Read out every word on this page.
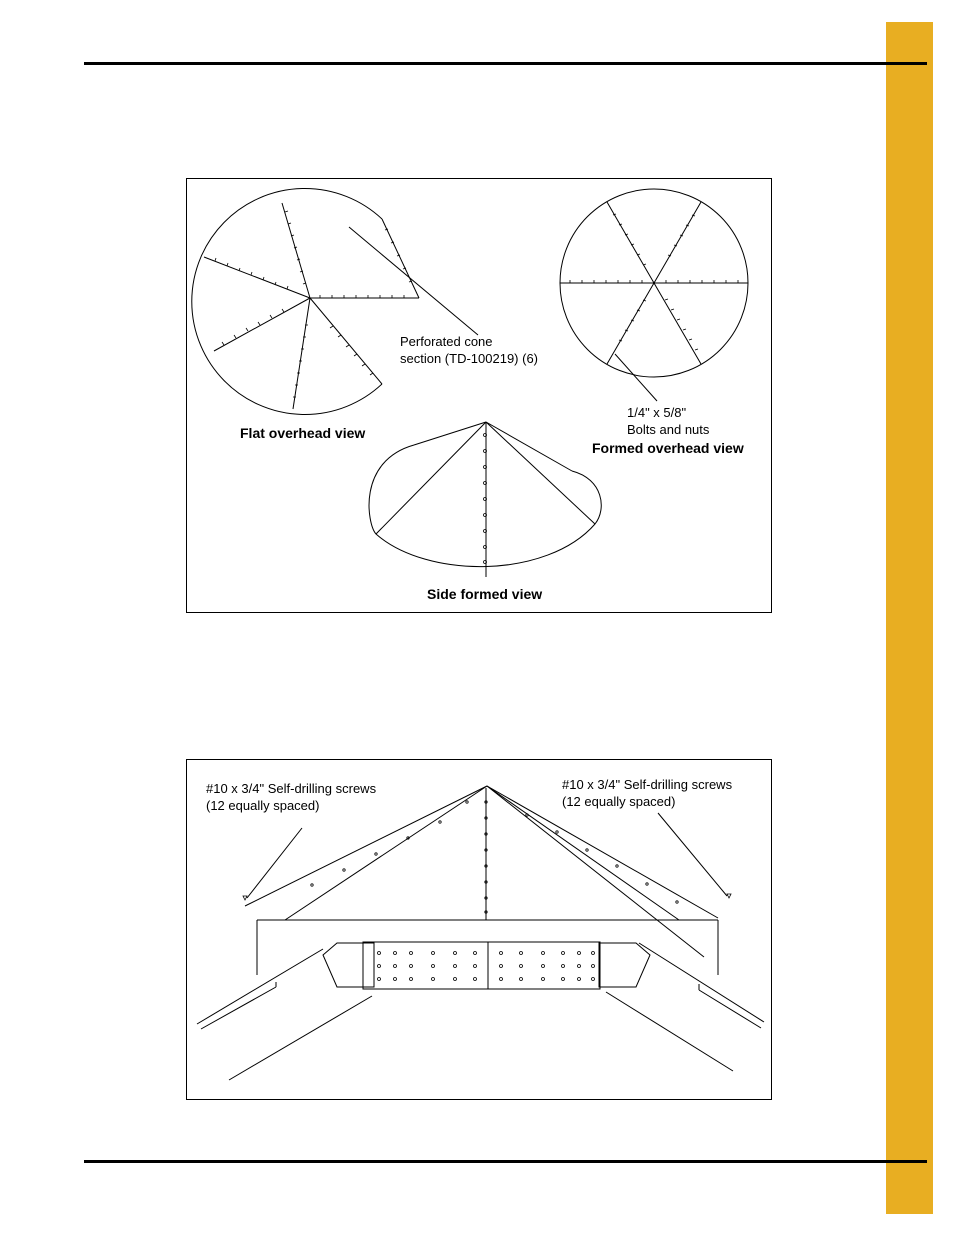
Perforated cone
section (TD-100219) (6)
1/4" x 5/8"
Bolts and nuts
Flat overhead view
Formed overhead view
Side formed view
#10 x 3/4" Self-drilling screws
(12 equally spaced)
#10 x 3/4" Self-drilling screws
(12 equally spaced)
